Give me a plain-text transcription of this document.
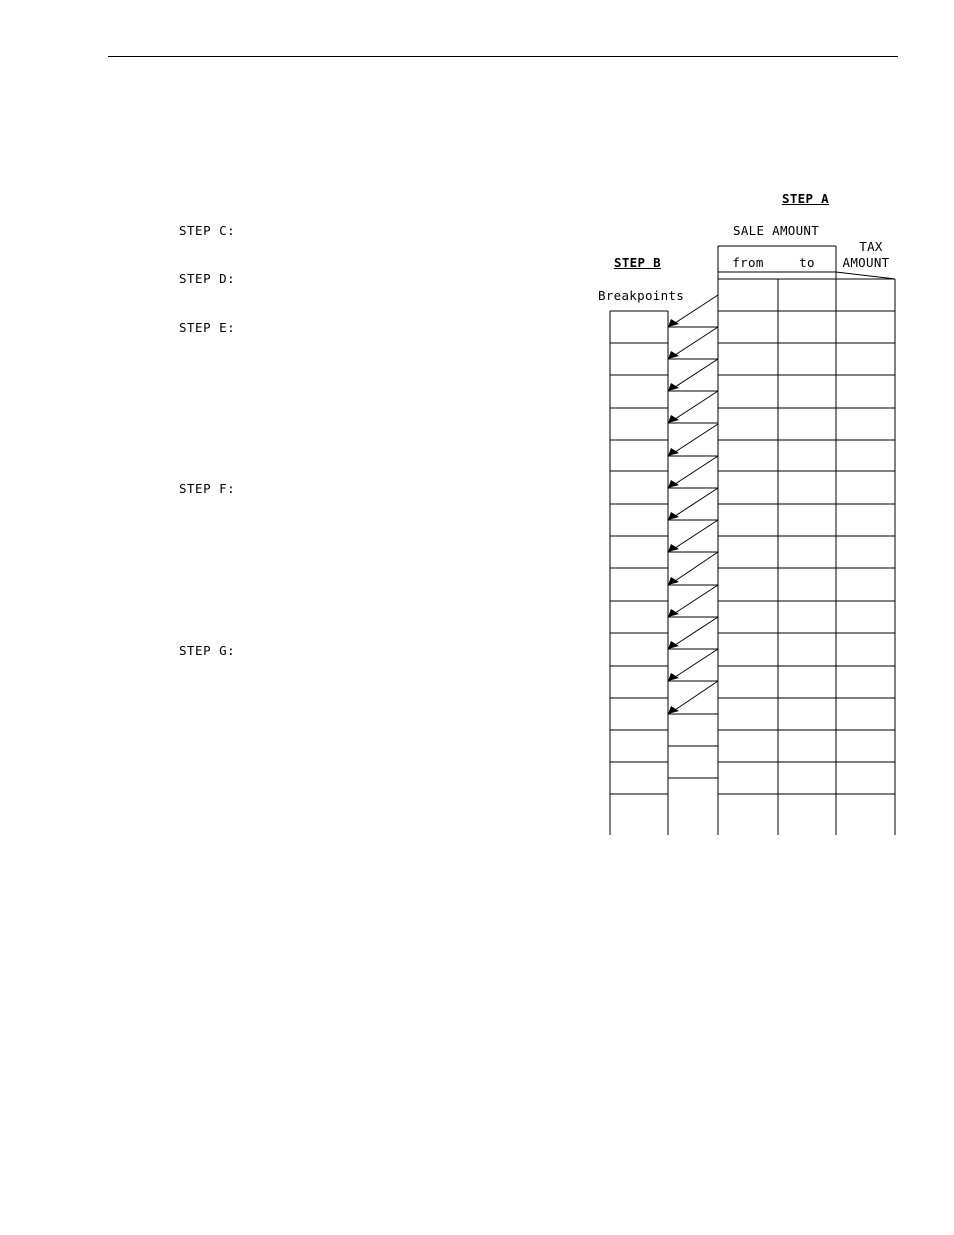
STEP C:
STEP D:
STEP E:
STEP F:
STEP G:
STEP A
STEP B
SALE AMOUNT
from	to
TAX
AMOUNT
Breakpoints
